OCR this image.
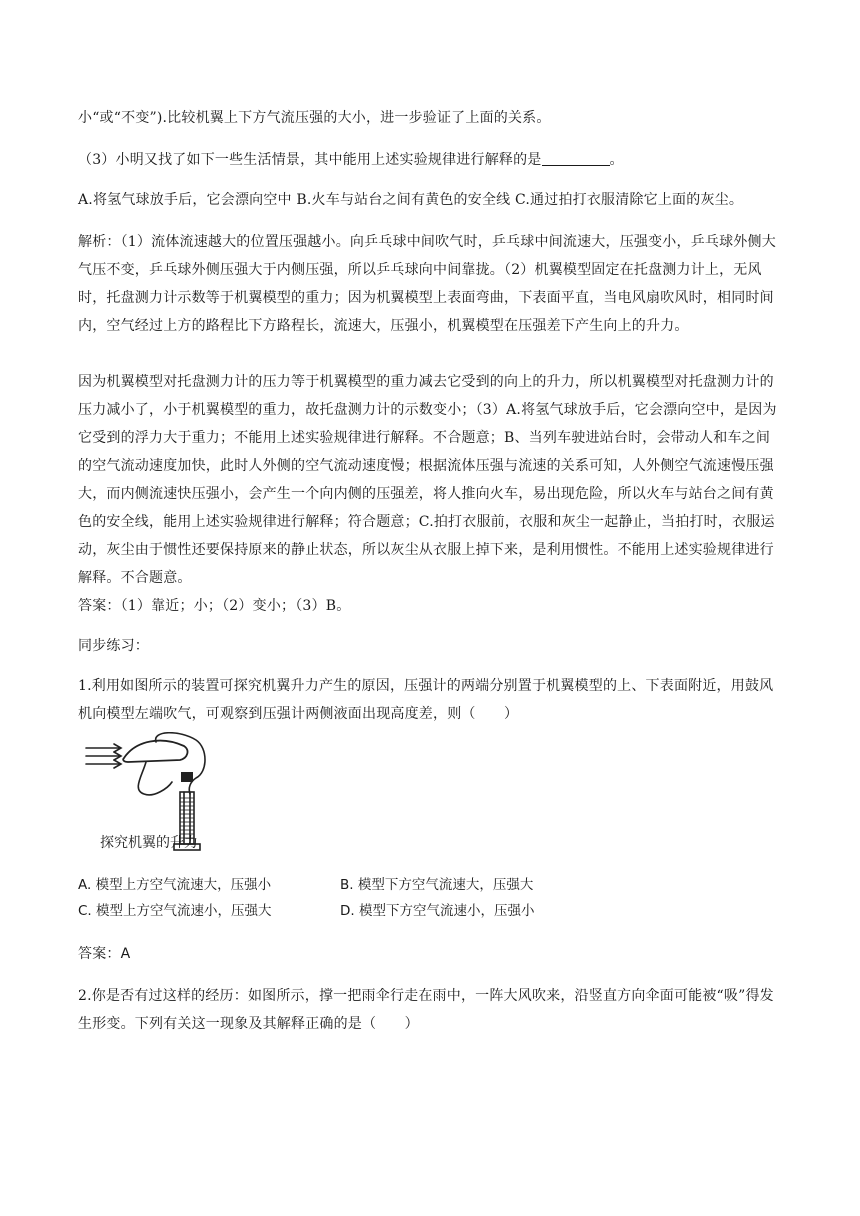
小“或“不变”).比较机翼上下方气流压强的大小，进一步验证了上面的关系。

（3）小明又找了如下一些生活情景，其中能用上述实验规律进行解释的是	。

A.将氢气球放手后，它会漂向空中 B.火车与站台之间有黄色的安全线 C.通过拍打衣服清除它上面的灰尘。

解析：（1）流体流速越大的位置压强越小。向乒乓球中间吹气时，乒乓球中间流速大，压强变小，乒乓球外侧大气压不变，乒乓球外侧压强大于内侧压强，所以乒乓球向中间靠拢。（2）机翼模型固定在托盘测力计上，无风时，托盘测力计示数等于机翼模型的重力；因为机翼模型上表面弯曲，下表面平直，当电风扇吹风时，相同时间内，空气经过上方的路程比下方路程长，流速大，压强小，机翼模型在压强差下产生向上的升力。

因为机翼模型对托盘测力计的压力等于机翼模型的重力减去它受到的向上的升力，所以机翼模型对托盘测力计的压力减小了，小于机翼模型的重力，故托盘测力计的示数变小；（3）A.将氢气球放手后，它会漂向空中，是因为它受到的浮力大于重力；不能用上述实验规律进行解释。不合题意；B、当列车驶进站台时，会带动人和车之间的空气流动速度加快，此时人外侧的空气流动速度慢；根据流体压强与流速的关系可知，人外侧空气流速慢压强大，而内侧流速快压强小，会产生一个向内侧的压强差，将人推向火车，易出现危险，所以火车与站台之间有黄色的安全线，能用上述实验规律进行解释；符合题意；C.拍打衣服前，衣服和灰尘一起静止，当拍打时，衣服运动，灰尘由于惯性还要保持原来的静止状态，所以灰尘从衣服上掉下来，是利用惯性。不能用上述实验规律进行解释。不合题意。

答案：（1）靠近；小；（2）变小；（3）B。

同步练习：

1.利用如图所示的装置可探究机翼升力产生的原因，压强计的两端分别置于机翼模型的上、下表面附近，用鼓风机向模型左端吹气，可观察到压强计两侧液面出现高度差，则（　　）

探究机翼的升力
A. 模型上方空气流速大，压强小	B. 模型下方空气流速大，压强大
C. 模型上方空气流速小，压强大	D. 模型下方空气流速小，压强小

答案：A

2.你是否有过这样的经历：如图所示，撑一把雨伞行走在雨中，一阵大风吹来，沿竖直方向伞面可能被“吸”得发生形变。下列有关这一现象及其解释正确的是（　　）
